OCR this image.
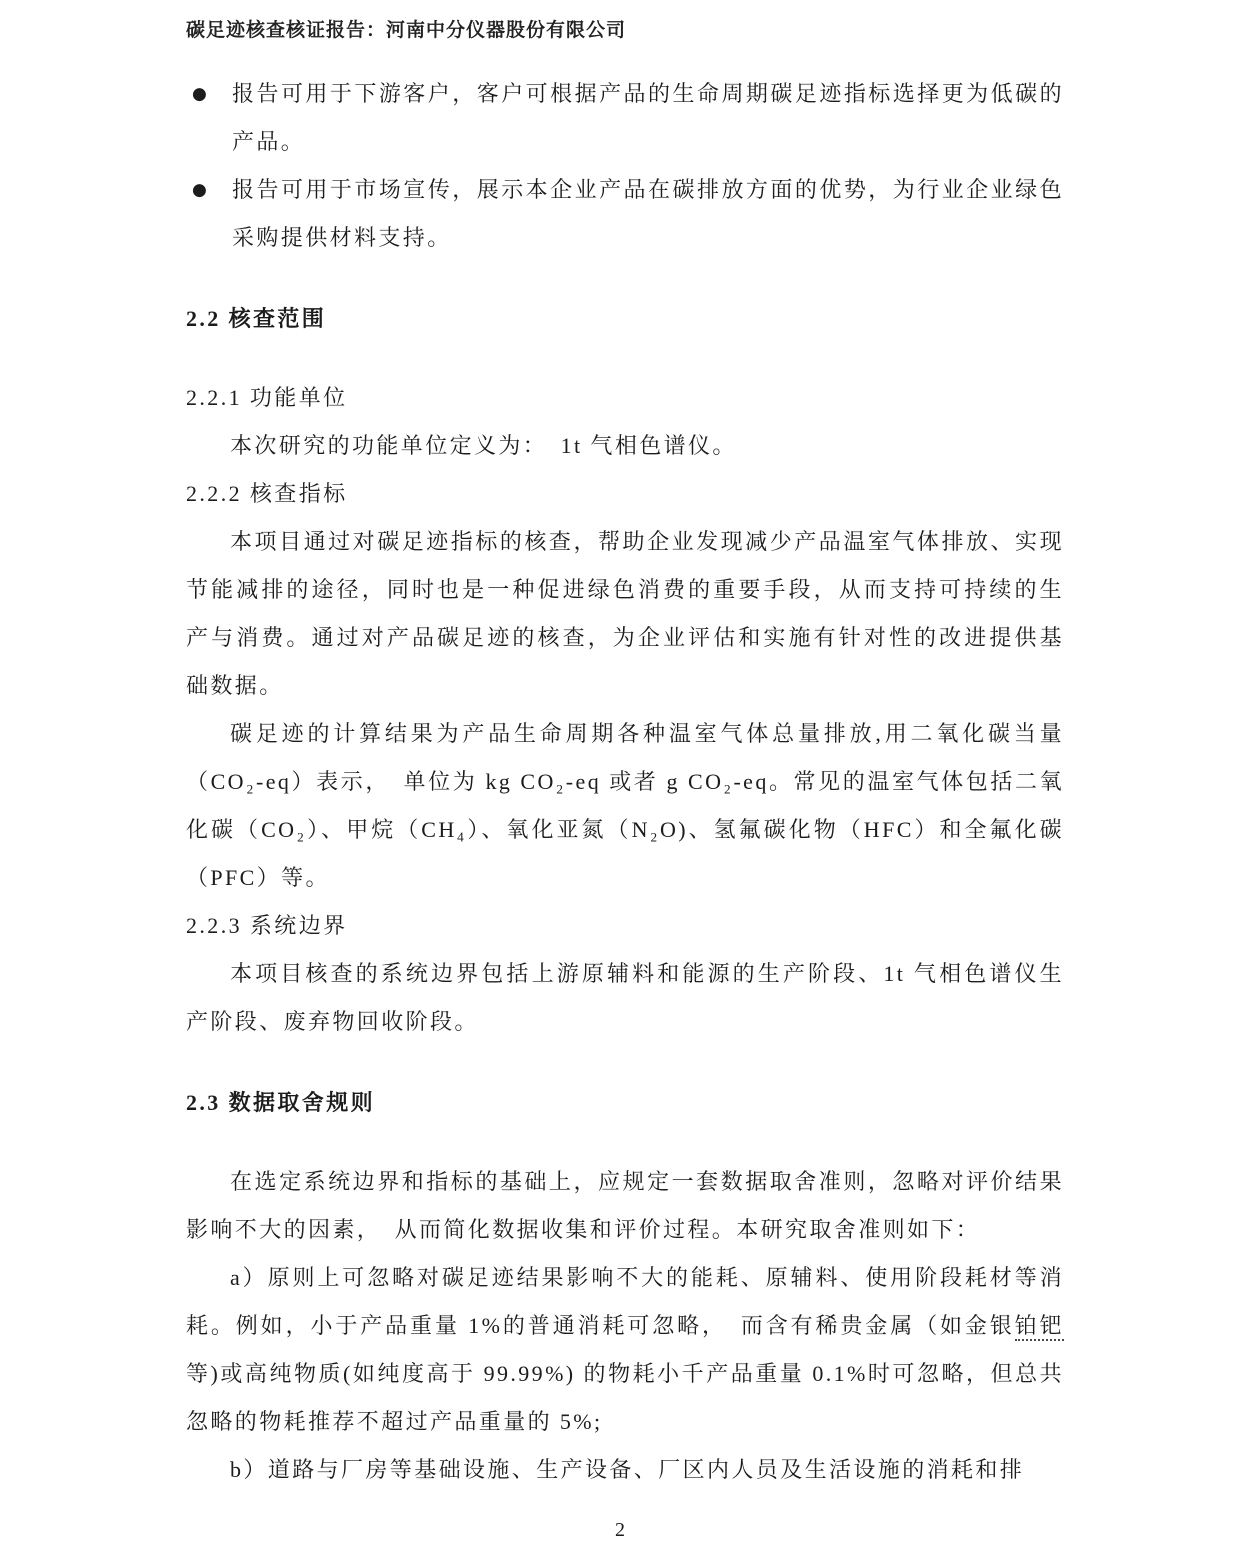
碳足迹核查核证报告：河南中分仪器股份有限公司
● 报告可用于下游客户，客户可根据产品的生命周期碳足迹指标选择更为低碳的产品。
● 报告可用于市场宣传，展示本企业产品在碳排放方面的优势，为行业企业绿色采购提供材料支持。
2.2 核查范围
2.2.1 功能单位

本次研究的功能单位定义为：　1t 气相色谱仪。

2.2.2 核查指标

本项目通过对碳足迹指标的核查，帮助企业发现减少产品温室气体排放、实现节能减排的途径，同时也是一种促进绿色消费的重要手段，从而支持可持续的生产与消费。通过对产品碳足迹的核查，为企业评估和实施有针对性的改进提供基础数据。

碳足迹的计算结果为产品生命周期各种温室气体总量排放,用二氧化碳当量（CO₂-eq）表示，　单位为 kg CO₂-eq 或者 g CO₂-eq。常见的温室气体包括二氧化碳（CO₂）、甲烷（CH₄）、氧化亚氮（N₂O)、氢氟碳化物（HFC）和全氟化碳（PFC）等。

2.2.3 系统边界

本项目核查的系统边界包括上游原辅料和能源的生产阶段、1t 气相色谱仪生产阶段、废弃物回收阶段。

2.3 数据取舍规则

在选定系统边界和指标的基础上，应规定一套数据取舍准则，忽略对评价结果影响不大的因素，　从而简化数据收集和评价过程。本研究取舍准则如下：

a）原则上可忽略对碳足迹结果影响不大的能耗、原辅料、使用阶段耗材等消耗。例如，小于产品重量 1%的普通消耗可忽略，　而含有稀贵金属（如金银铂钯等)或高纯物质(如纯度高于 99.99%) 的物耗小千产品重量 0.1%时可忽略，但总共忽略的物耗推荐不超过产品重量的 5%;

b）道路与厂房等基础设施、生产设备、厂区内人员及生活设施的消耗和排

2
